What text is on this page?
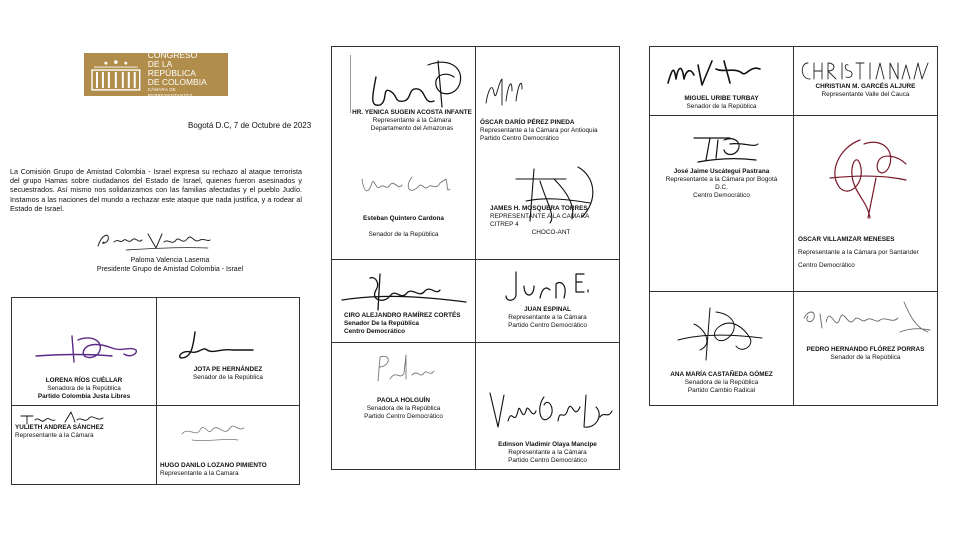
CONGRESO
DE LA REPÚBLICA
DE COLOMBIA
CÁMARA DE REPRESENTANTES
Bogotá D.C, 7 de Octubre de 2023
La Comisión Grupo de Amistad Colombia - Israel expresa su rechazo al ataque terrorista del grupo Hamas sobre ciudadanos del Estado de Israel, quienes fueron asesinados y secuestrados. Así mismo nos solidarizamos con las familias afectadas y el pueblo Judío. Instamos a las naciones del mundo a rechazar este ataque que nada justifica, y a rodear al Estado de Israel.
Paloma Valencia Lasema
Presidente Grupo de Amistad Colombia - Israel
LORENA RÍOS CUÉLLAR
Senadora de la República
Partido Colombia Justa Libres
JOTA PE HERNÁNDEZ
Senador de la República
YULIETH ANDREA SÁNCHEZ
Representante a la Cámara
HUGO DANILO LOZANO PIMIENTO
Representante a la Camara
HR. YENICA SUGEIN ACOSTA INFANTE
Representante a la Cámara
Departamento del Amazonas
ÓSCAR DARÍO PÉREZ PINEDA
Representante a la Cámara por Antioquia
Partido Centro Democrático
Esteban Quintero Cardona
Senador de la República
JAMES H. MOSQUERA TORRES
REPRESENTANTE A LA CAMARA CITREP 4
CHOCO-ANT
CIRO ALEJANDRO RAMÍREZ CORTÉS
Senador De la República
Centro Democrático
JUAN ESPINAL
Representante a la Cámara
Partido Centro Democrático
PAOLA HOLGUÍN
Senadora de la República
Partido Centro Democrático
Edinson Vladimir Olaya Mancipe
Representante a la Cámara
Partido Centro Democrático
MIGUEL URIBE TURBAY
Senador de la República
CHRISTIAN M. GARCÉS ALJURE
Representante Valle del Cauca
José Jaime Uscátegui Pastrana
Representante a la Cámara por Bogotá
D.C.
Centro Democrático
OSCAR VILLAMIZAR MENESES
Representante a la Cámara por Santander
Centro Democrático
ANA MARÍA CASTAÑEDA GÓMEZ
Senadora de la República
Partido Cambio Radical
PEDRO HERNANDO FLÓREZ PORRAS
Senador de la República
